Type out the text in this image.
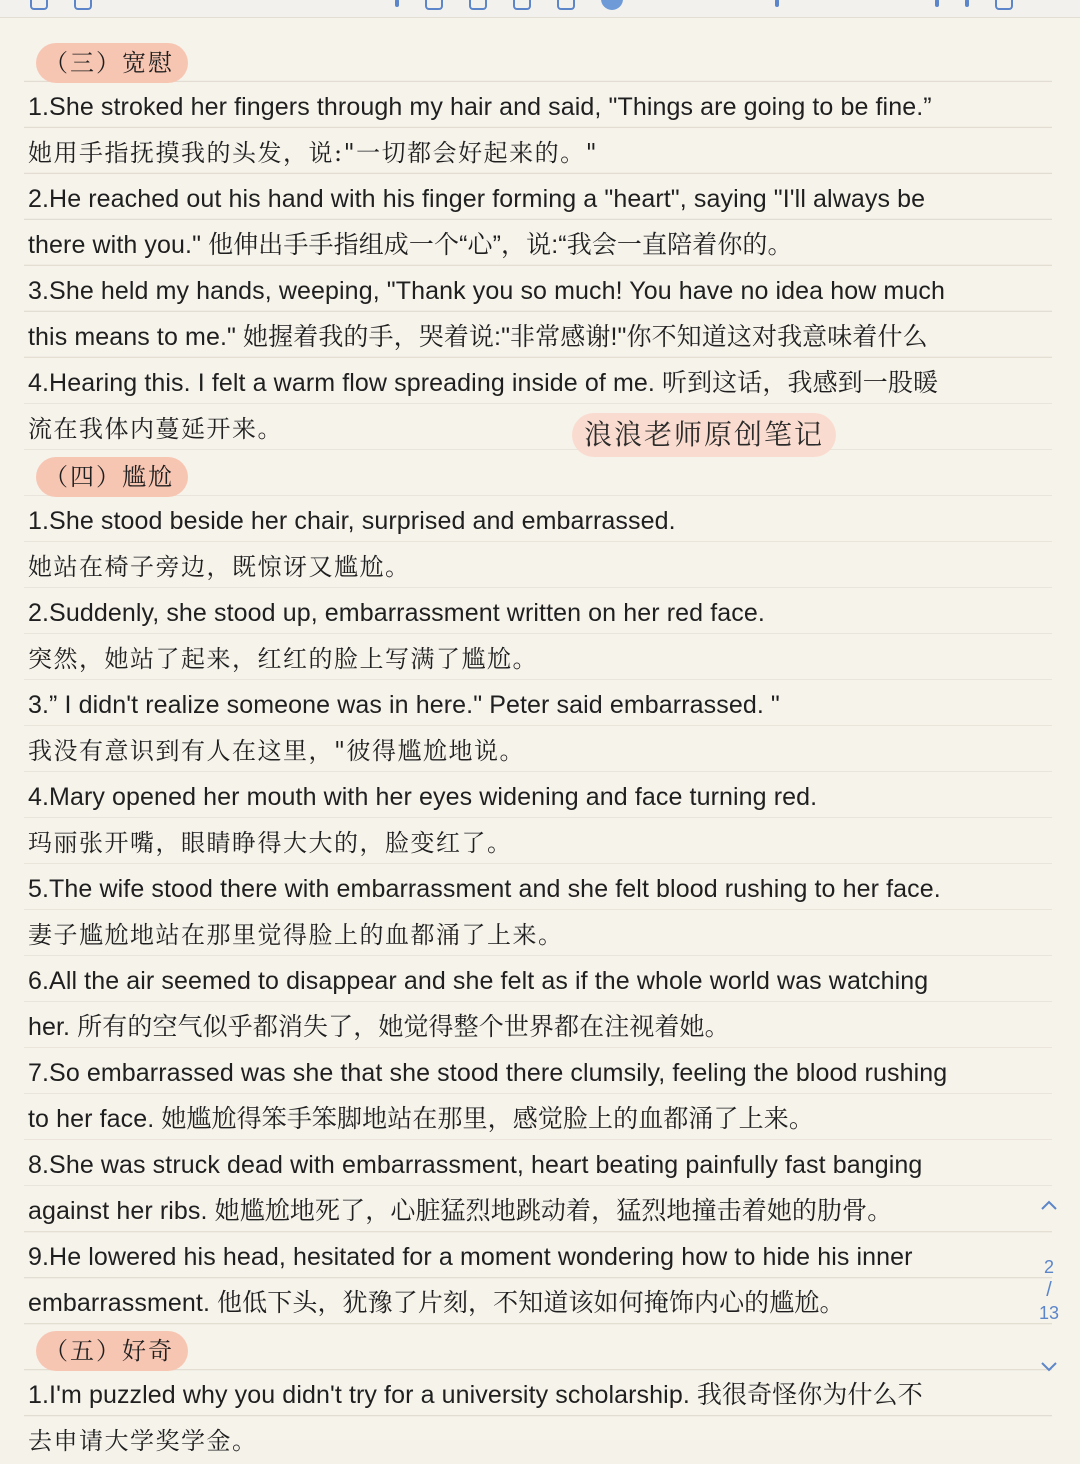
（三）宽慰
1.She stroked her fingers through my hair and said, "Things are going to be fine.”
她用手指抚摸我的头发，说:"一切都会好起来的。"
2.He reached out his hand with his finger forming a "heart", saying "I'll always be
there with you." 他伸出手手指组成一个“心”，说:“我会一直陪着你的。
3.She held my hands, weeping, "Thank you so much! You have no idea how much
this means to me." 她握着我的手，哭着说:"非常感谢!"你不知道这对我意味着什么
4.Hearing this. I felt a warm flow spreading inside of me. 听到这话，我感到一股暖
流在我体内蔓延开来。
（四）尴尬
1.She stood beside her chair, surprised and embarrassed.
她站在椅子旁边，既惊讶又尴尬。
2.Suddenly, she stood up, embarrassment written on her red face.
突然，她站了起来，红红的脸上写满了尴尬。
3.” I didn't realize someone was in here." Peter said embarrassed. "
我没有意识到有人在这里，"彼得尴尬地说。
4.Mary opened her mouth with her eyes widening and face turning red.
玛丽张开嘴，眼睛睁得大大的，脸变红了。
5.The wife stood there with embarrassment and she felt blood rushing to her face.
妻子尴尬地站在那里觉得脸上的血都涌了上来。
6.All the air seemed to disappear and she felt as if the whole world was watching
her. 所有的空气似乎都消失了，她觉得整个世界都在注视着她。
7.So embarrassed was she that she stood there clumsily, feeling the blood rushing
to her face. 她尴尬得笨手笨脚地站在那里，感觉脸上的血都涌了上来。
8.She was struck dead with embarrassment, heart beating painfully fast banging
against her ribs. 她尴尬地死了，心脏猛烈地跳动着，猛烈地撞击着她的肋骨。
9.He lowered his head, hesitated for a moment wondering how to hide his inner
embarrassment. 他低下头，犹豫了片刻，不知道该如何掩饰内心的尴尬。
（五）好奇
1.I'm puzzled why you didn't try for a university scholarship. 我很奇怪你为什么不
去申请大学奖学金。
浪浪老师原创笔记
2
/
13
